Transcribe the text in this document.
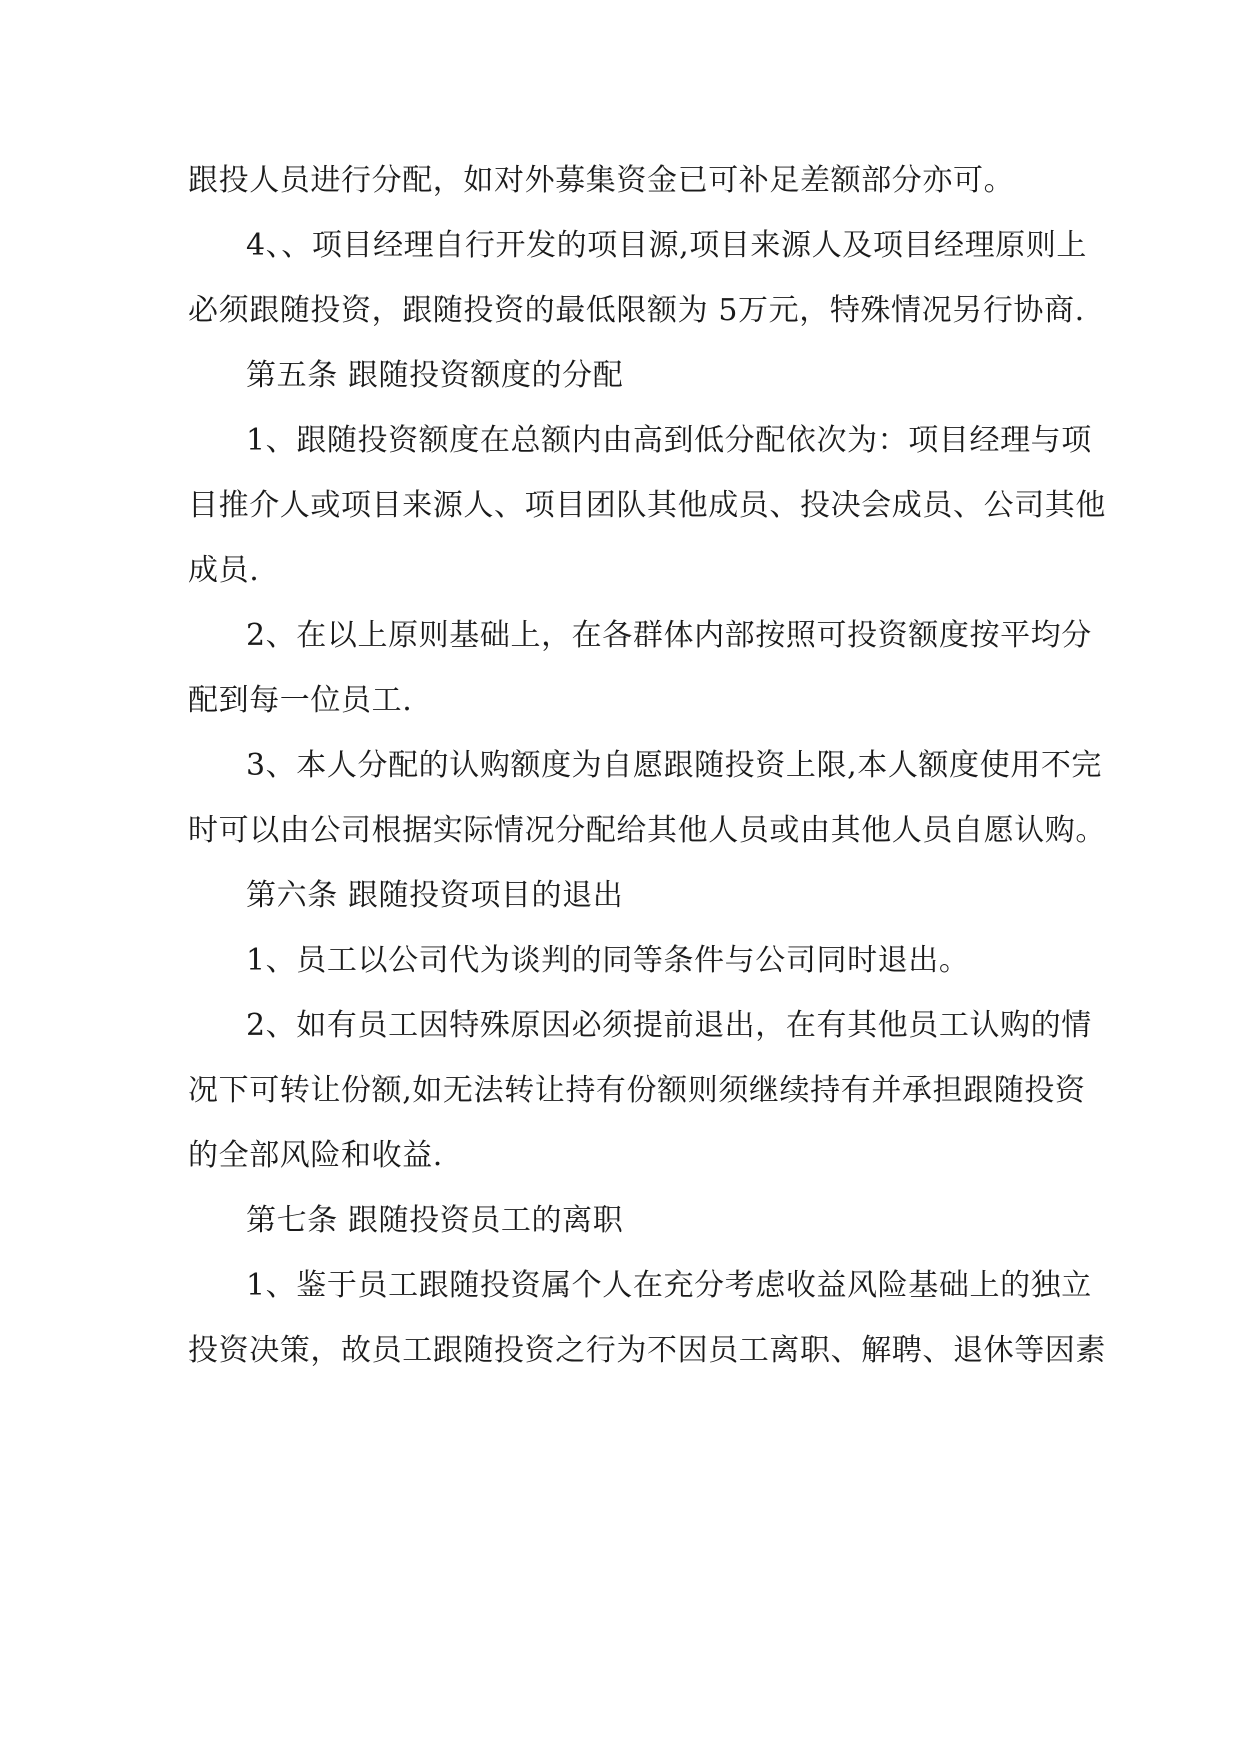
跟投人员进行分配，如对外募集资金已可补足差额部分亦可。
4、、项目经理自行开发的项目源,项目来源人及项目经理原则上
必须跟随投资，跟随投资的最低限额为 5万元，特殊情况另行协商.
第五条 跟随投资额度的分配
1、跟随投资额度在总额内由高到低分配依次为：项目经理与项
目推介人或项目来源人、项目团队其他成员、投决会成员、公司其他
成员.
2、在以上原则基础上，在各群体内部按照可投资额度按平均分
配到每一位员工.
3、本人分配的认购额度为自愿跟随投资上限,本人额度使用不完
时可以由公司根据实际情况分配给其他人员或由其他人员自愿认购。
第六条 跟随投资项目的退出
1、员工以公司代为谈判的同等条件与公司同时退出。
2、如有员工因特殊原因必须提前退出，在有其他员工认购的情
况下可转让份额,如无法转让持有份额则须继续持有并承担跟随投资
的全部风险和收益.
第七条 跟随投资员工的离职
1、鉴于员工跟随投资属个人在充分考虑收益风险基础上的独立
投资决策，故员工跟随投资之行为不因员工离职、解聘、退休等因素
